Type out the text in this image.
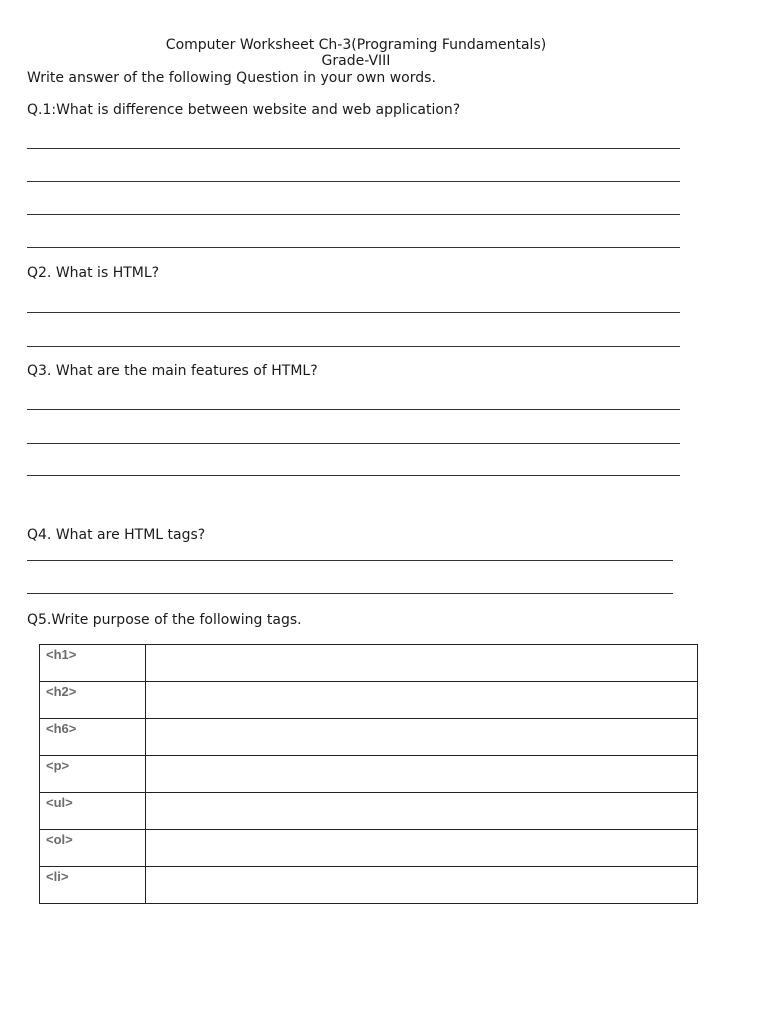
Computer Worksheet Ch-3(Programing Fundamentals)
Grade-VIII
Write answer of the following Question in your own words.
Q.1:What is difference between website and web application?
Q2. What is HTML?
Q3. What are the main features of HTML?
Q4. What are HTML tags?
Q5.Write purpose of the following tags.
<h1>	

<h2>	

<h6>	

<p>	

<ul>	

<ol>	

<li>	
